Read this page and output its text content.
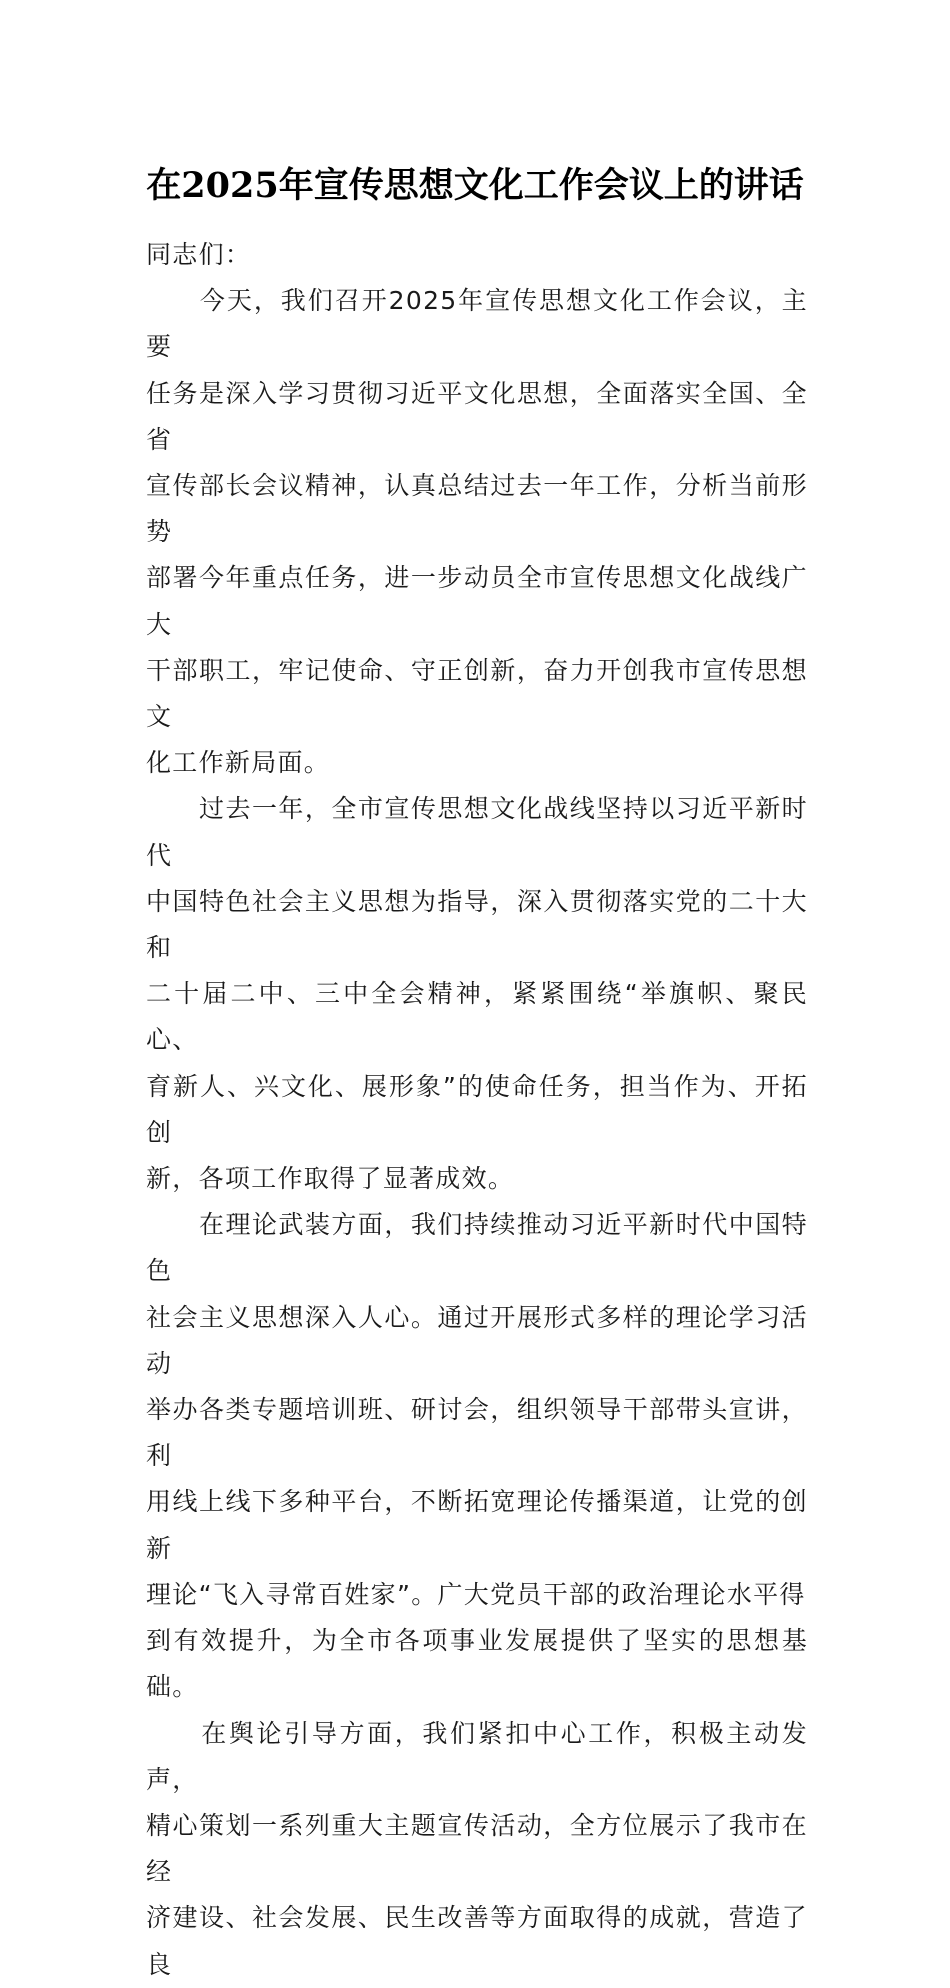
在2025年宣传思想文化工作会议上的讲话

同志们：

　　今天，我们召开2025年宣传思想文化工作会议，主要
任务是深入学习贯彻习近平文化思想，全面落实全国、全省
宣传部长会议精神，认真总结过去一年工作，分析当前形势
部署今年重点任务，进一步动员全市宣传思想文化战线广大
干部职工，牢记使命、守正创新，奋力开创我市宣传思想文
化工作新局面。

　　过去一年，全市宣传思想文化战线坚持以习近平新时代
中国特色社会主义思想为指导，深入贯彻落实党的二十大和
二十届二中、三中全会精神，紧紧围绕“举旗帜、聚民心、
育新人、兴文化、展形象”的使命任务，担当作为、开拓创
新，各项工作取得了显著成效。

　　在理论武装方面，我们持续推动习近平新时代中国特色
社会主义思想深入人心。通过开展形式多样的理论学习活动
举办各类专题培训班、研讨会，组织领导干部带头宣讲，利
用线上线下多种平台，不断拓宽理论传播渠道，让党的创新
理论“飞入寻常百姓家”。广大党员干部的政治理论水平得
到有效提升，为全市各项事业发展提供了坚实的思想基础。

　　在舆论引导方面，我们紧扣中心工作，积极主动发声，
精心策划一系列重大主题宣传活动，全方位展示了我市在经
济建设、社会发展、民生改善等方面取得的成就，营造了良
